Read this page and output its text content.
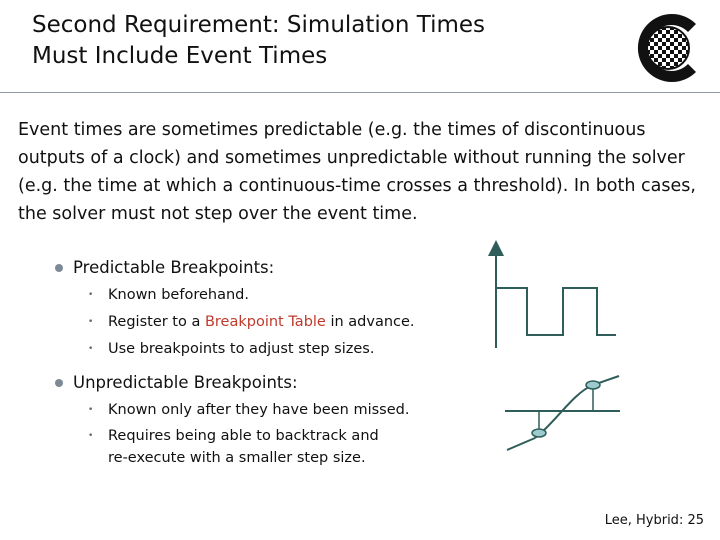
Second Requirement: Simulation Times
Must Include Event Times
Event times are sometimes predictable (e.g. the times of discontinuous outputs of a clock) and sometimes unpredictable without running the solver (e.g. the time at which a continuous-time crosses a threshold). In both cases, the solver must not step over the event time.
Predictable Breakpoints:
• Known beforehand.
• Register to a Breakpoint Table in advance.
• Use breakpoints to adjust step sizes.
Unpredictable Breakpoints:
• Known only after they have been missed.
• Requires being able to backtrack and
re-execute with a smaller step size.
Lee, Hybrid: 25
